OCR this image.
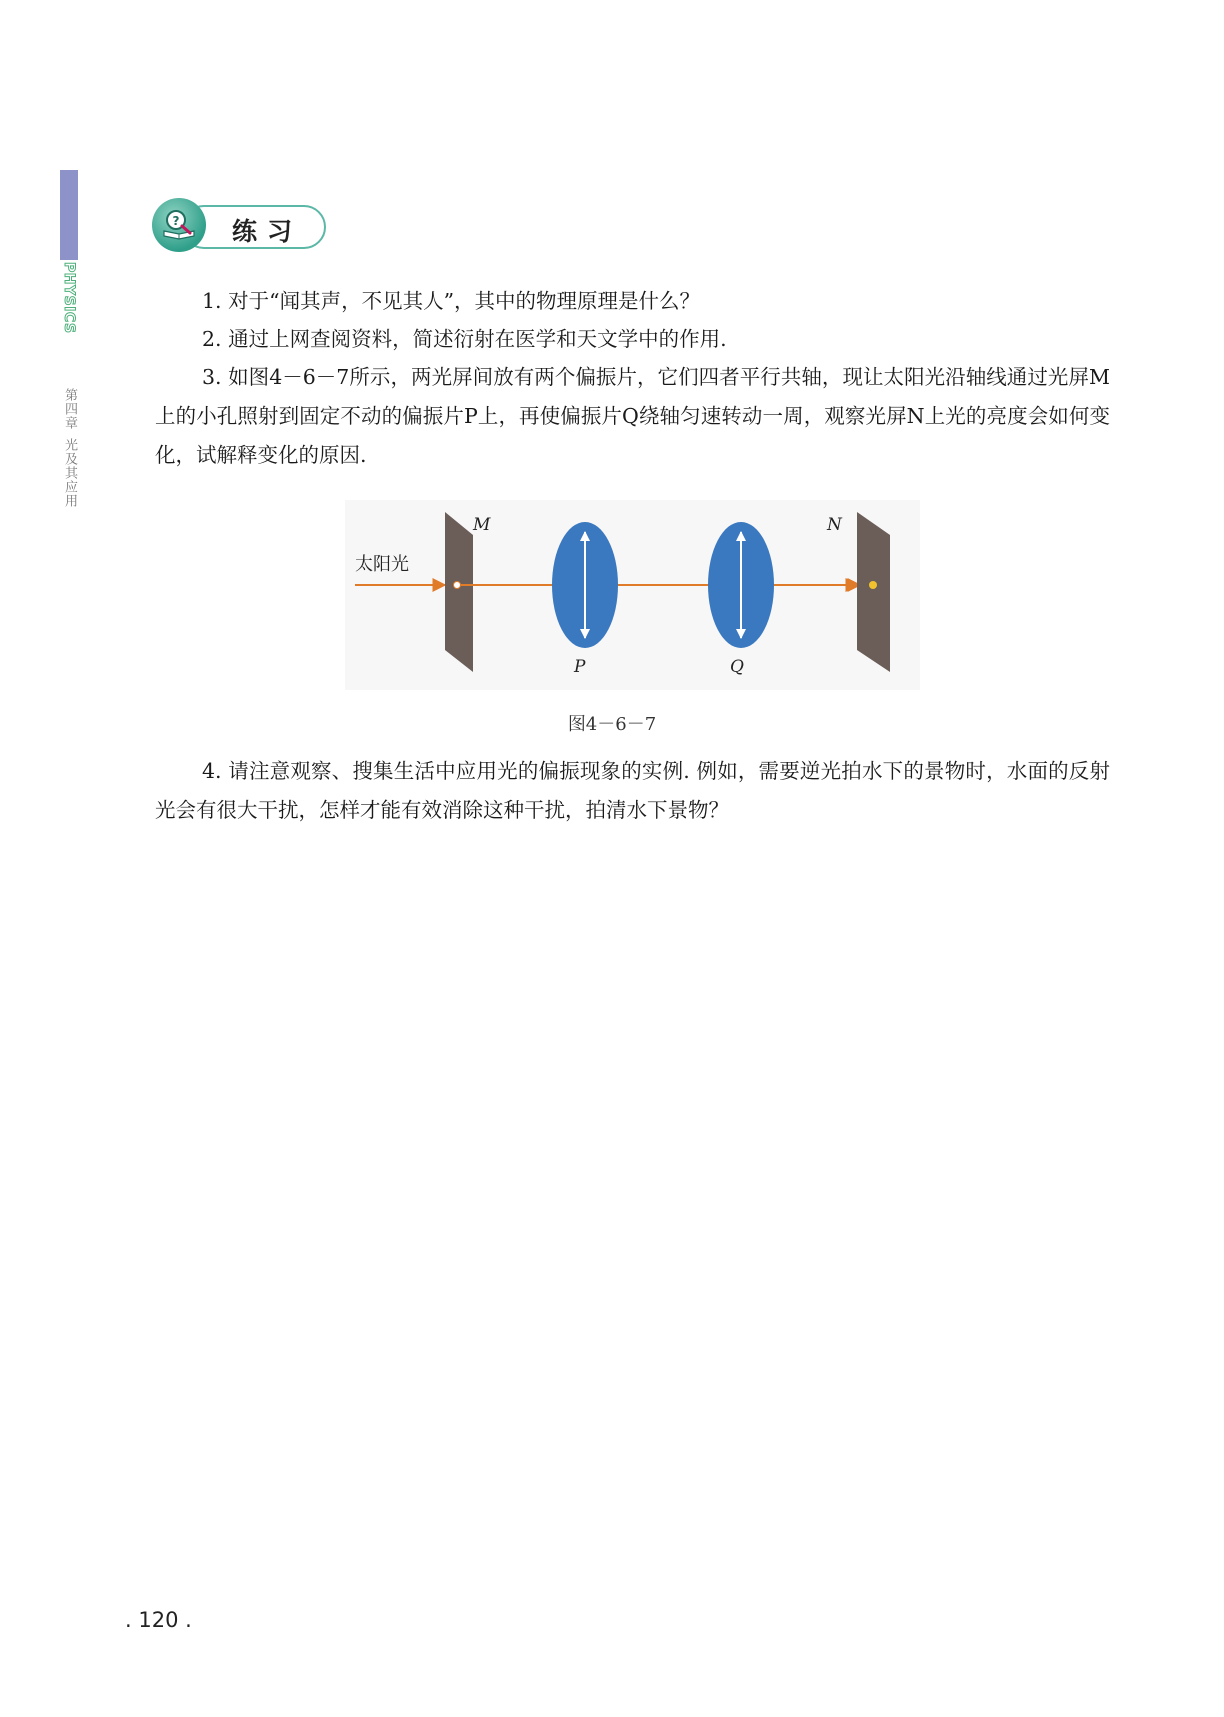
PHYSICS
第四章光及其应用
练习
?

1. 对于“闻其声，不见其人”，其中的物理原理是什么？

2. 通过上网查阅资料，简述衍射在医学和天文学中的作用.

3. 如图4－6－7所示，两光屏间放有两个偏振片，它们四者平行共轴，现让太阳光沿轴线通过光屏M上的小孔照射到固定不动的偏振片P上，再使偏振片Q绕轴匀速转动一周，观察光屏N上光的亮度会如何变化，试解释变化的原因.

太阳光
M	N
P	Q
图4－6－7

4. 请注意观察、搜集生活中应用光的偏振现象的实例. 例如，需要逆光拍水下的景物时，水面的反射光会有很大干扰，怎样才能有效消除这种干扰，拍清水下景物？

. 120 .
